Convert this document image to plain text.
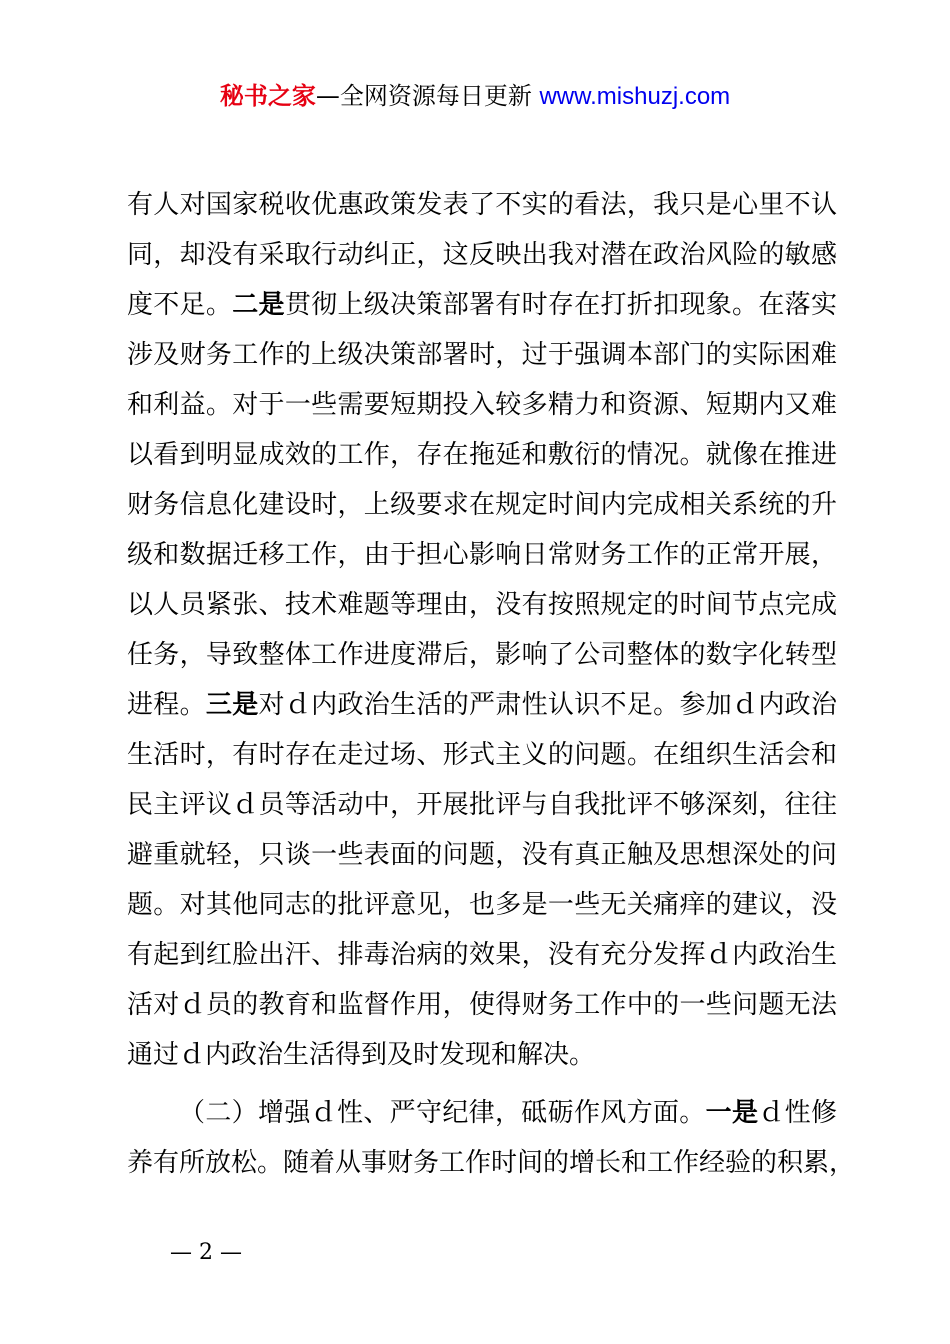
秘书之家—全网资源每日更新 www.mishuzj.com
有人对国家税收优惠政策发表了不实的看法，我只是心里不认
同，却没有采取行动纠正，这反映出我对潜在政治风险的敏感
度不足。二是贯彻上级决策部署有时存在打折扣现象。在落实
涉及财务工作的上级决策部署时，过于强调本部门的实际困难
和利益。对于一些需要短期投入较多精力和资源、短期内又难
以看到明显成效的工作，存在拖延和敷衍的情况。就像在推进
财务信息化建设时，上级要求在规定时间内完成相关系统的升
级和数据迁移工作，由于担心影响日常财务工作的正常开展，
以人员紧张、技术难题等理由，没有按照规定的时间节点完成
任务，导致整体工作进度滞后，影响了公司整体的数字化转型
进程。三是对ｄ内政治生活的严肃性认识不足。参加ｄ内政治
生活时，有时存在走过场、形式主义的问题。在组织生活会和
民主评议ｄ员等活动中，开展批评与自我批评不够深刻，往往
避重就轻，只谈一些表面的问题，没有真正触及思想深处的问
题。对其他同志的批评意见，也多是一些无关痛痒的建议，没
有起到红脸出汗、排毒治病的效果，没有充分发挥ｄ内政治生
活对ｄ员的教育和监督作用，使得财务工作中的一些问题无法
通过ｄ内政治生活得到及时发现和解决。
（二）增强ｄ性、严守纪律，砥砺作风方面。一是ｄ性修
养有所放松。随着从事财务工作时间的增长和工作经验的积累，
— 2 —
